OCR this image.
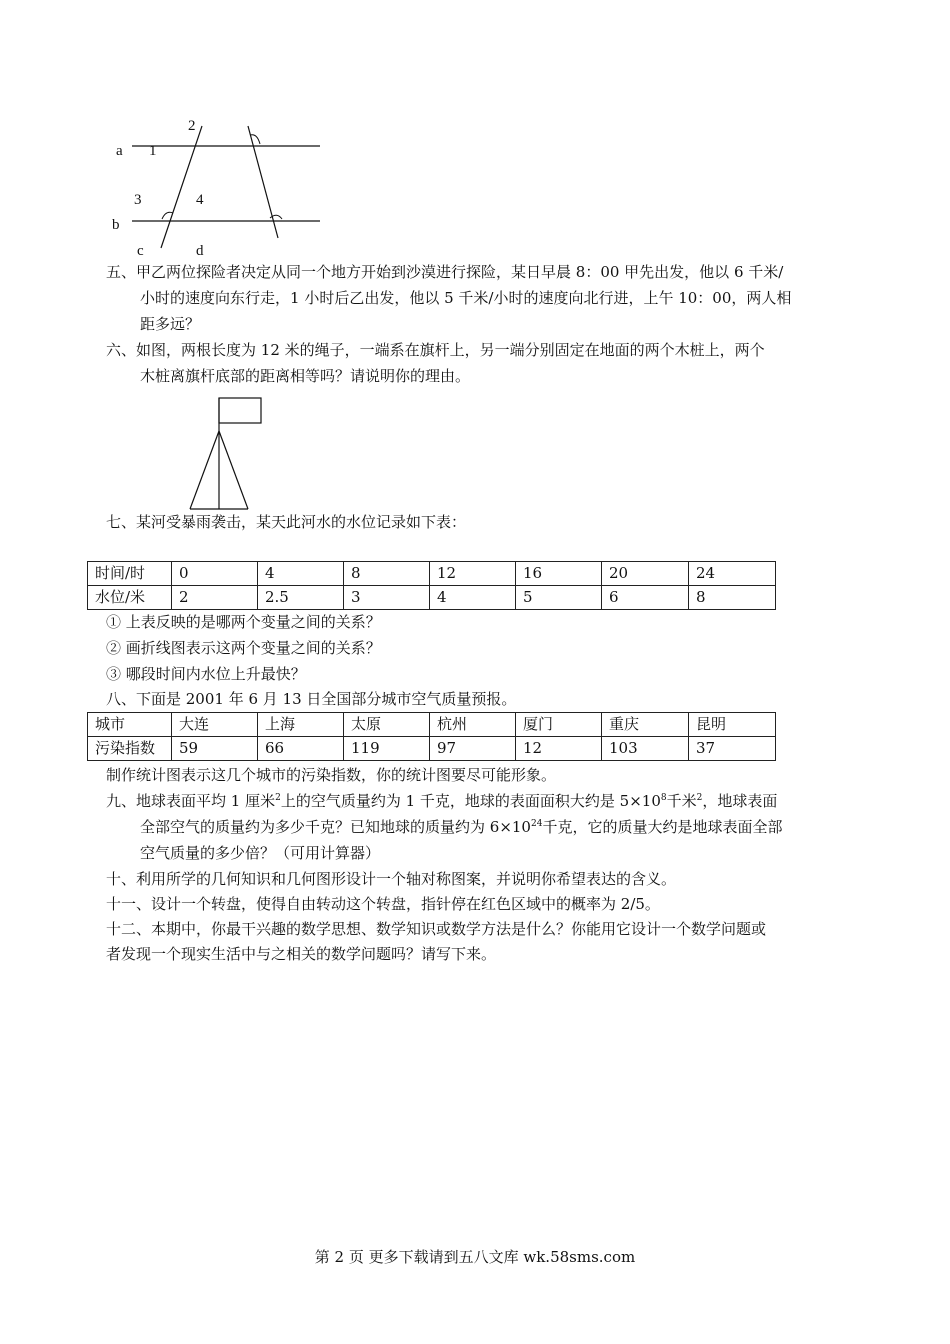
a 1
2
3	4
b
c	d
五、甲乙两位探险者决定从同一个地方开始到沙漠进行探险，某日早晨 8：00 甲先出发，他以 6 千米/
小时的速度向东行走，1 小时后乙出发，他以 5 千米/小时的速度向北行进，上午 10：00，两人相
距多远？
六、如图，两根长度为 12 米的绳子，一端系在旗杆上，另一端分别固定在地面的两个木桩上，两个
木桩离旗杆底部的距离相等吗？请说明你的理由。
七、某河受暴雨袭击，某天此河水的水位记录如下表：
时间/时	0	4	8	12	16	20	24
水位/米	2	2.5	3	4	5	6	8
① 上表反映的是哪两个变量之间的关系？
② 画折线图表示这两个变量之间的关系？
③ 哪段时间内水位上升最快？
八、下面是 2001 年 6 月 13 日全国部分城市空气质量预报。
城市	大连	上海	太原	杭州	厦门	重庆	昆明
污染指数	59	66	119	97	12	103	37
制作统计图表示这几个城市的污染指数，你的统计图要尽可能形象。
九、地球表面平均 1 厘米$^2$上的空气质量约为 1 千克，地球的表面面积大约是 $5\times 10^8$千米$^2$，地球表面
全部空气的质量约为多少千克？已知地球的质量约为 $6\times 10^{24}$千克，它的质量大约是地球表面全部
空气质量的多少倍？（可用计算器）
十、利用所学的几何知识和几何图形设计一个轴对称图案，并说明你希望表达的含义。
十一、设计一个转盘，使得自由转动这个转盘，指针停在红色区域中的概率为 2/5。
十二、本期中，你最干兴趣的数学思想、数学知识或数学方法是什么？你能用它设计一个数学问题或
者发现一个现实生活中与之相关的数学问题吗？请写下来。
第 2 页 更多下载请到五八文库 wk.58sms.com
